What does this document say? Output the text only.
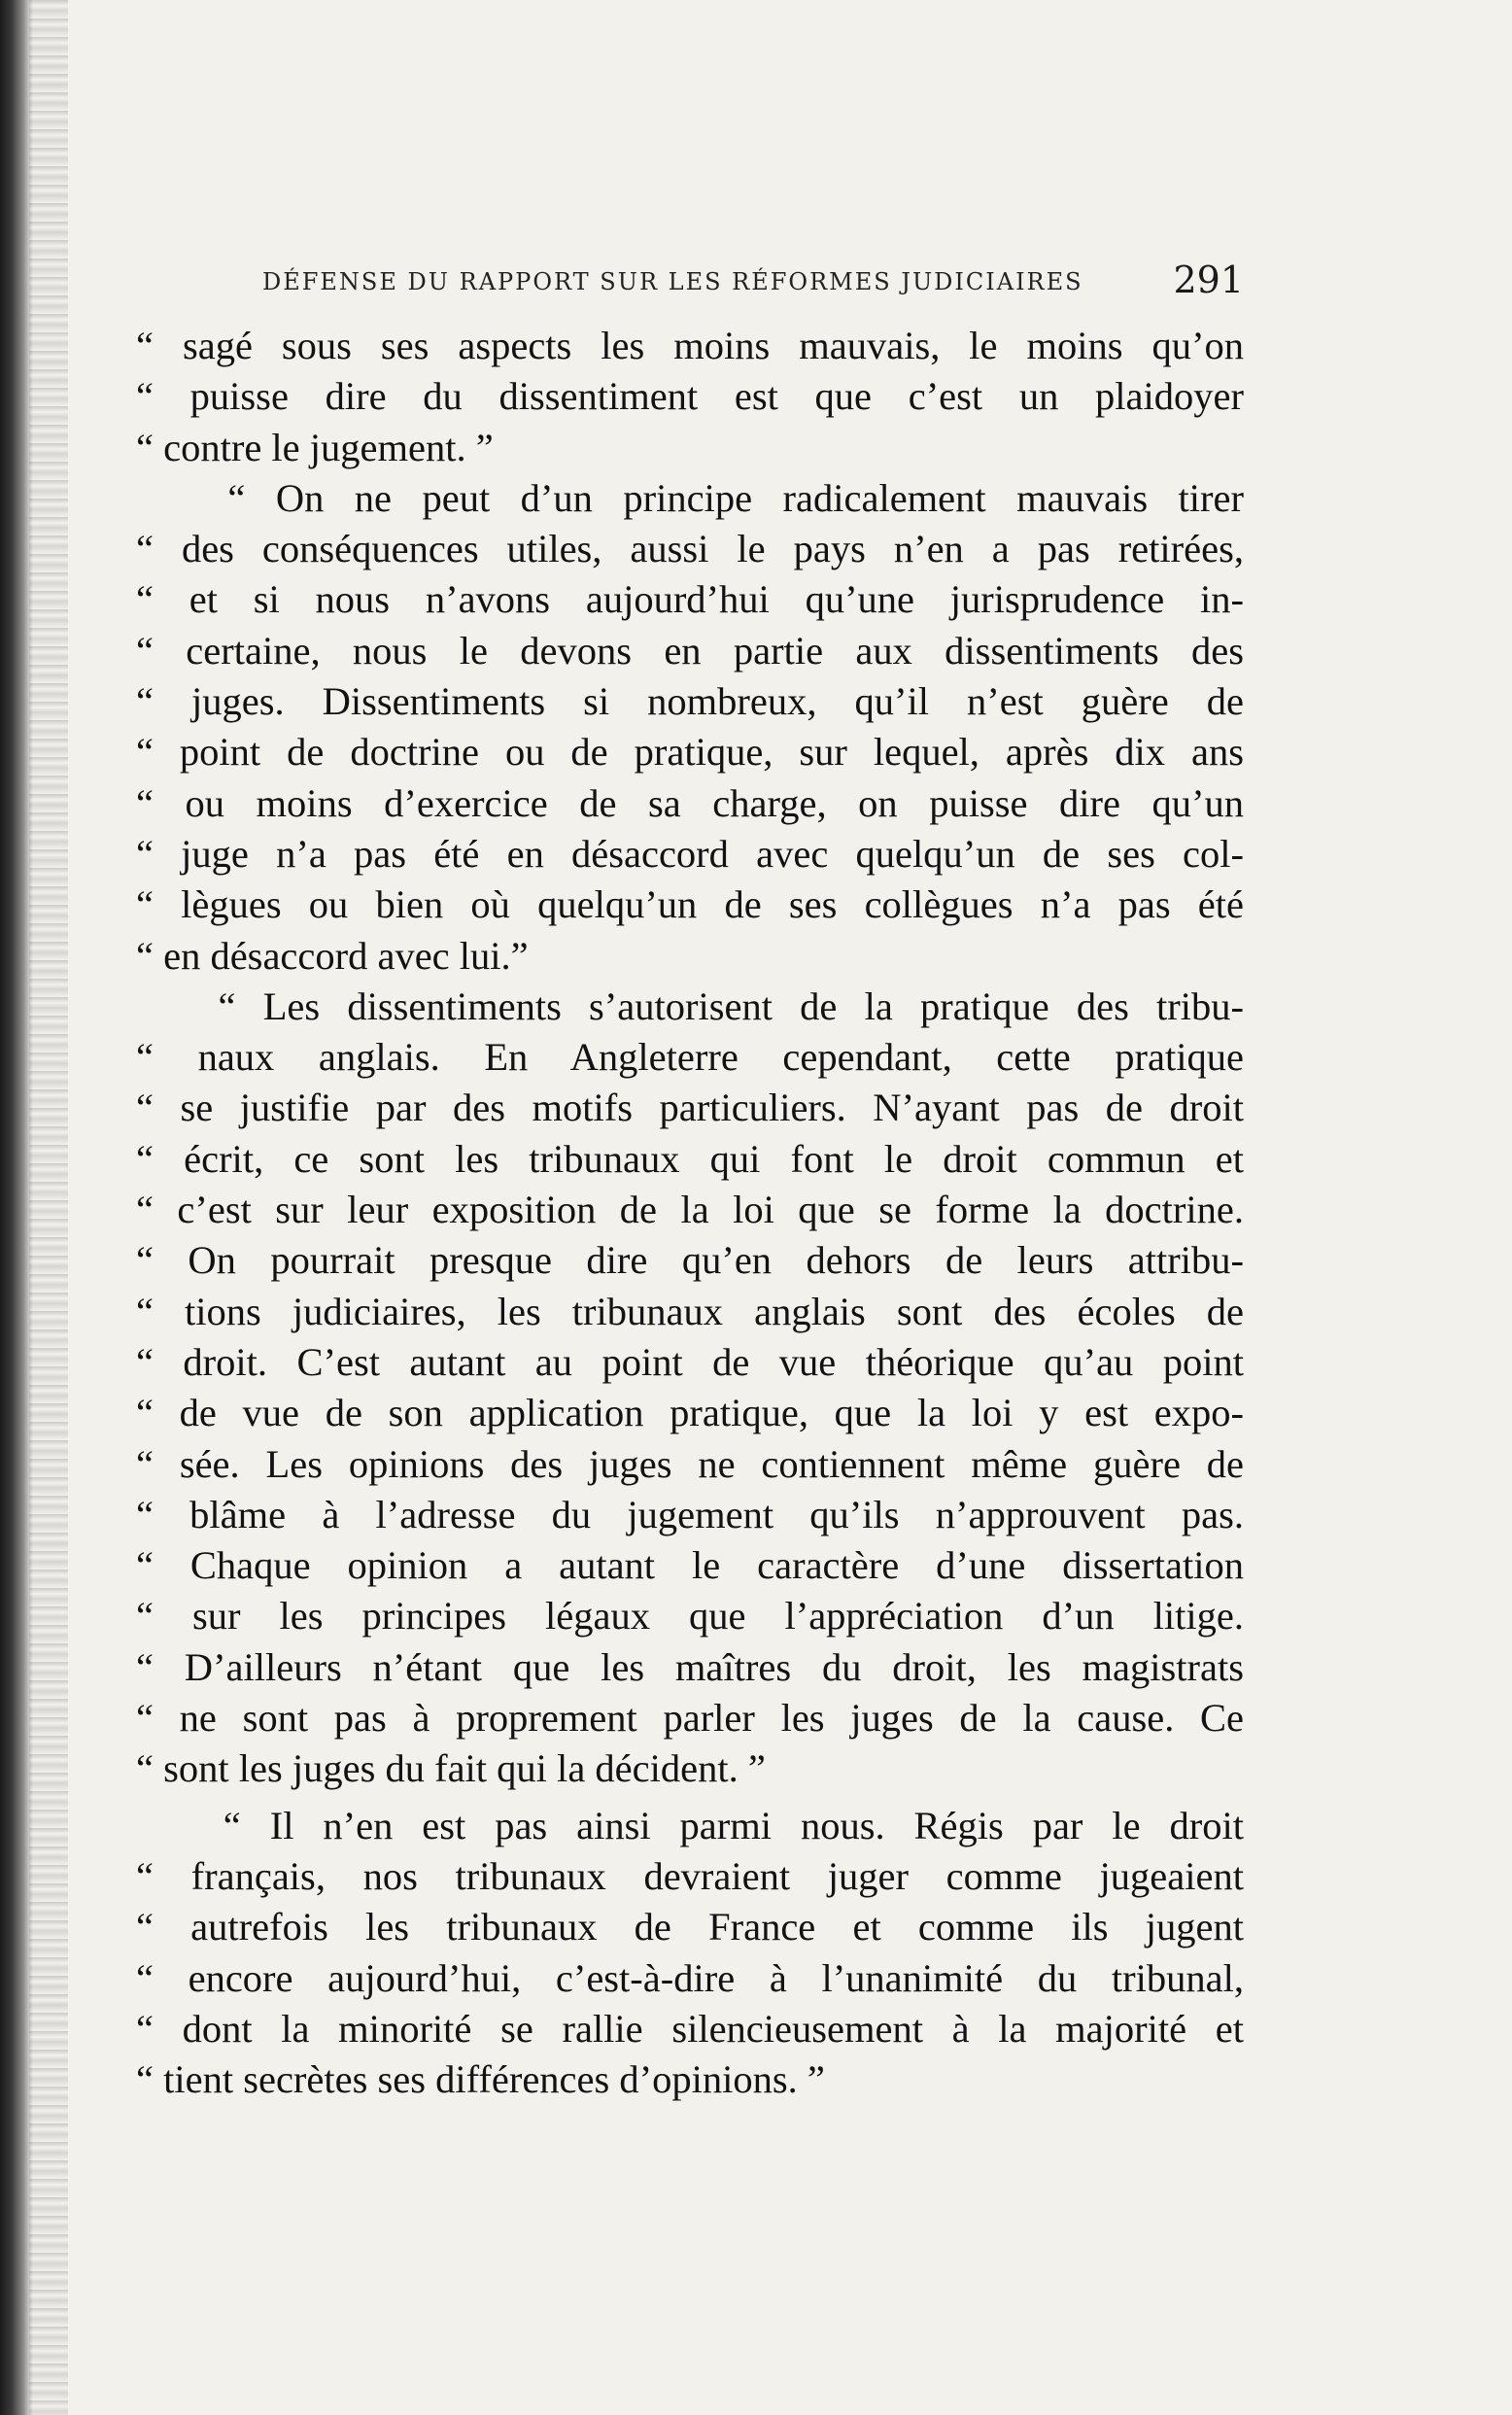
DÉFENSE DU RAPPORT SUR LES RÉFORMES JUDICIAIRES 291
“ sagé sous ses aspects les moins mauvais, le moins qu’on
“ puisse dire du dissentiment est que c’est un plaidoyer
“ contre le jugement. ”
“ On ne peut d’un principe radicalement mauvais tirer
“ des conséquences utiles, aussi le pays n’en a pas retirées,
“ et si nous n’avons aujourd’hui qu’une jurisprudence in-
“ certaine, nous le devons en partie aux dissentiments des
“ juges. Dissentiments si nombreux, qu’il n’est guère de
“ point de doctrine ou de pratique, sur lequel, après dix ans
“ ou moins d’exercice de sa charge, on puisse dire qu’un
“ juge n’a pas été en désaccord avec quelqu’un de ses col-
“ lègues ou bien où quelqu’un de ses collègues n’a pas été
“ en désaccord avec lui.”
“ Les dissentiments s’autorisent de la pratique des tribu-
“ naux anglais. En Angleterre cependant, cette pratique
“ se justifie par des motifs particuliers. N’ayant pas de droit
“ écrit, ce sont les tribunaux qui font le droit commun et
“ c’est sur leur exposition de la loi que se forme la doctrine.
“ On pourrait presque dire qu’en dehors de leurs attribu-
“ tions judiciaires, les tribunaux anglais sont des écoles de
“ droit. C’est autant au point de vue théorique qu’au point
“ de vue de son application pratique, que la loi y est expo-
“ sée. Les opinions des juges ne contiennent même guère de
“ blâme à l’adresse du jugement qu’ils n’approuvent pas.
“ Chaque opinion a autant le caractère d’une dissertation
“ sur les principes légaux que l’appréciation d’un litige.
“ D’ailleurs n’étant que les maîtres du droit, les magistrats
“ ne sont pas à proprement parler les juges de la cause. Ce
“ sont les juges du fait qui la décident. ”
“ Il n’en est pas ainsi parmi nous. Régis par le droit
“ français, nos tribunaux devraient juger comme jugeaient
“ autrefois les tribunaux de France et comme ils jugent
“ encore aujourd’hui, c’est-à-dire à l’unanimité du tribunal,
“ dont la minorité se rallie silencieusement à la majorité et
“ tient secrètes ses différences d’opinions. ”
